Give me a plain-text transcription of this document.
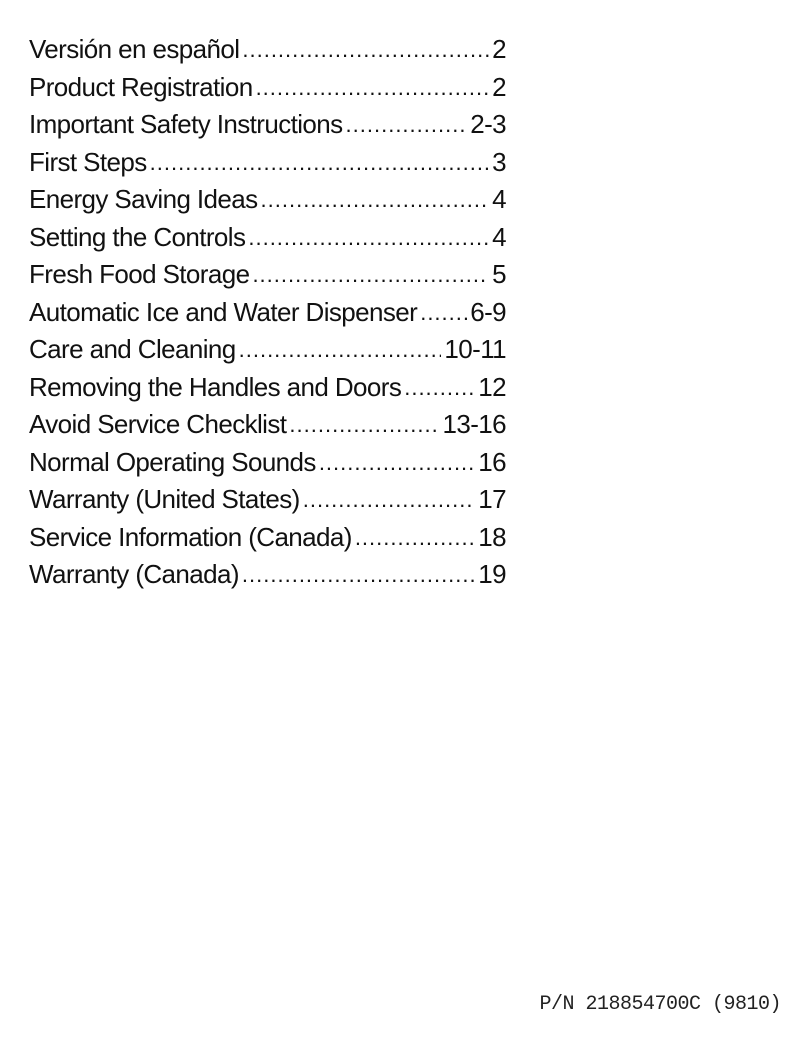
Versión en español .....	2
Product Registration .....	2
Important Safety Instructions .....	2-3
First Steps .....	3
Energy Saving Ideas .....	4
Setting the Controls .....	4
Fresh Food Storage .....	5
Automatic Ice and Water Dispenser ..... 6-9
Care and Cleaning .....	10-11
Removing the Handles and Doors .....	12
Avoid Service Checklist .....	13-16
Normal Operating Sounds .....	16
Warranty (United States) .....	17
Service Information (Canada) .....	18
Warranty (Canada) .....	19
P/N 218854700C (9810)
